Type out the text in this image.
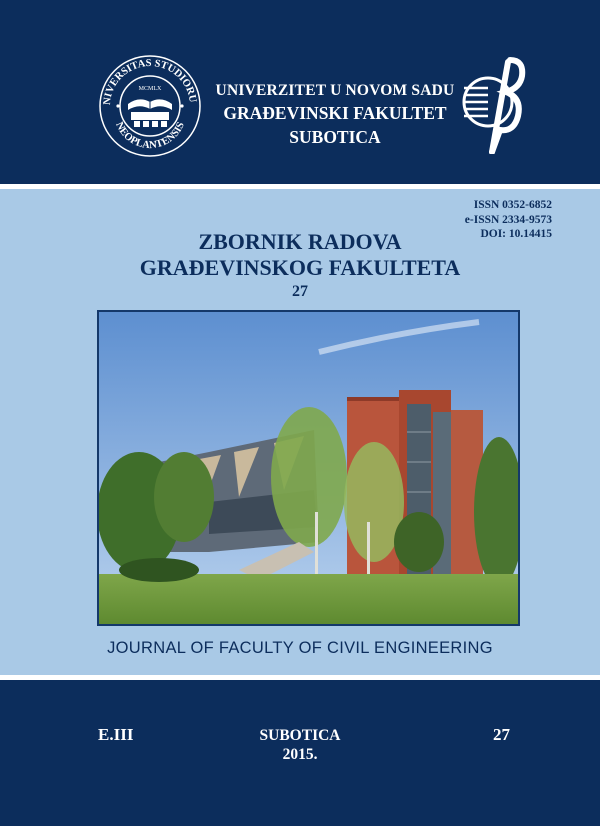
NIVERSITAS STUDIORU
NEOPLANTENSIS
MCMLX	UNIVERZITET U NOVOM SADU
GRAĐEVINSKI FAKULTET
SUBOTICA
ISSN 0352-6852
e-ISSN 2334-9573
DOI: 10.14415
ZBORNIK RADOVA
GRAĐEVINSKOG FAKULTETA
27
JOURNAL OF FACULTY OF CIVIL ENGINEERING
E.III	SUBOTICA
2015.
27
